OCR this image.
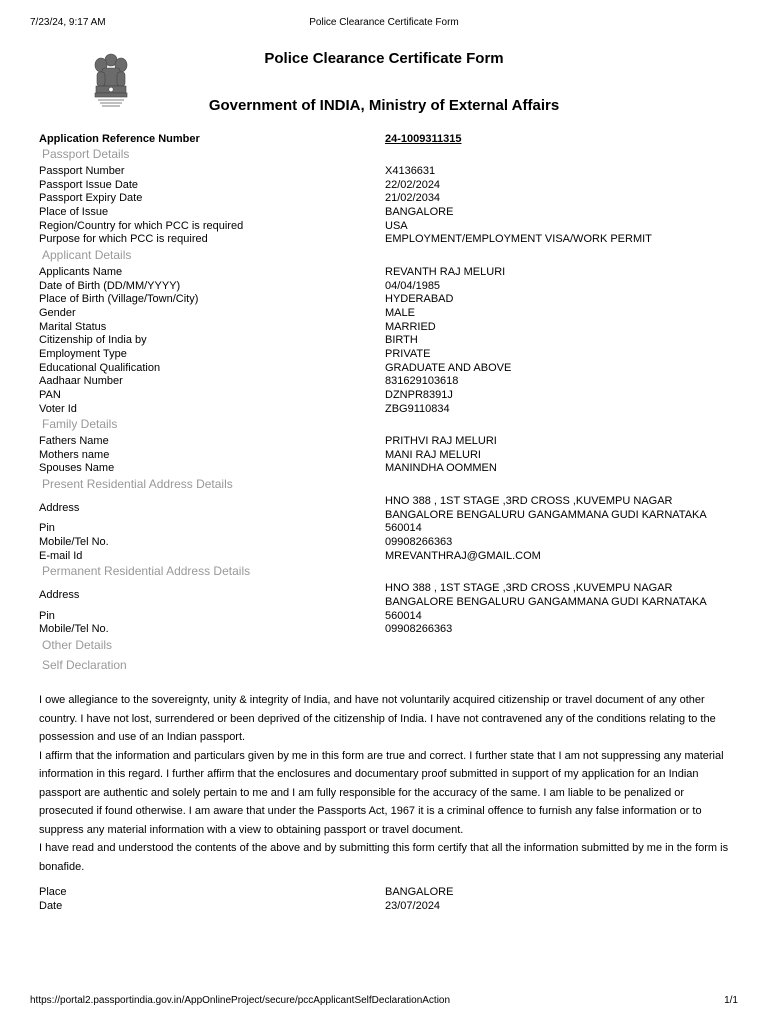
7/23/24, 9:17 AM	Police Clearance Certificate Form
Police Clearance Certificate Form
Government of INDIA, Ministry of External Affairs
Application Reference Number	24-1009311315
Passport Details
Passport Number	X4136631
Passport Issue Date	22/02/2024
Passport Expiry Date	21/02/2034
Place of Issue	BANGALORE
Region/Country for which PCC is required	USA
Purpose for which PCC is required	EMPLOYMENT/EMPLOYMENT VISA/WORK PERMIT
Applicant Details
Applicants Name	REVANTH RAJ MELURI
Date of Birth (DD/MM/YYYY)	04/04/1985
Place of Birth (Village/Town/City)	HYDERABAD
Gender	MALE
Marital Status	MARRIED
Citizenship of India by	BIRTH
Employment Type	PRIVATE
Educational Qualification	GRADUATE AND ABOVE
Aadhaar Number	831629103618
PAN	DZNPR8391J
Voter Id	ZBG9110834
Family Details
Fathers Name	PRITHVI RAJ MELURI
Mothers name	MANI RAJ MELURI
Spouses Name	MANINDHA OOMMEN
Present Residential Address Details
Address
HNO 388 , 1ST STAGE ,3RD CROSS ,KUVEMPU NAGAR
BANGALORE BENGALURU GANGAMMANA GUDI KARNATAKA
Pin	560014
Mobile/Tel No.	09908266363
E-mail Id	MREVANTHRAJ@GMAIL.COM
Permanent Residential Address Details
Address
HNO 388 , 1ST STAGE ,3RD CROSS ,KUVEMPU NAGAR
BANGALORE BENGALURU GANGAMMANA GUDI KARNATAKA
Pin	560014
Mobile/Tel No.	09908266363
Other Details
Self Declaration

I owe allegiance to the sovereignty, unity & integrity of India, and have not voluntarily acquired citizenship or travel document of any other country. I have not lost, surrendered or been deprived of the citizenship of India. I have not contravened any of the conditions relating to the possession and use of an Indian passport.

I affirm that the information and particulars given by me in this form are true and correct. I further state that I am not suppressing any material information in this regard. I further affirm that the enclosures and documentary proof submitted in support of my application for an Indian passport are authentic and solely pertain to me and I am fully responsible for the accuracy of the same. I am liable to be penalized or prosecuted if found otherwise. I am aware that under the Passports Act, 1967 it is a criminal offence to furnish any false information or to suppress any material information with a view to obtaining passport or travel document.

I have read and understood the contents of the above and by submitting this form certify that all the information submitted by me in the form is bonafide.

Place	BANGALORE
Date	23/07/2024
https://portal2.passportindia.gov.in/AppOnlineProject/secure/pccApplicantSelfDeclarationAction	1/1
